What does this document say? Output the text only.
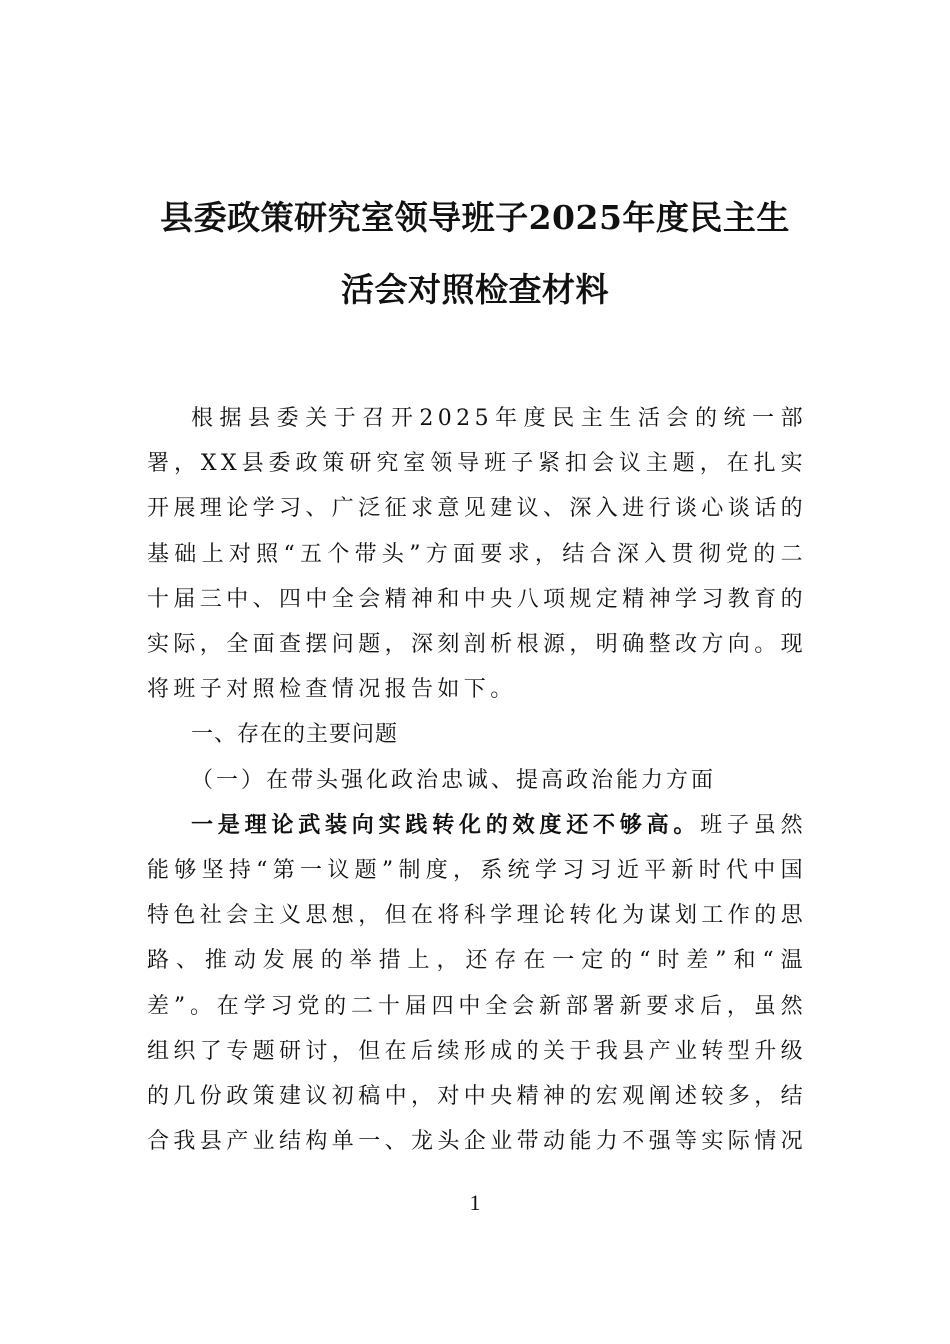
县委政策研究室领导班子2025年度民主生
活会对照检查材料

根据县委关于召开2025年度民主生活会的统一部署，XX县委政策研究室领导班子紧扣会议主题，在扎实开展理论学习、广泛征求意见建议、深入进行谈心谈话的基础上对照“五个带头”方面要求，结合深入贯彻党的二十届三中、四中全会精神和中央八项规定精神学习教育的实际，全面查摆问题，深刻剖析根源，明确整改方向。现将班子对照检查情况报告如下。

一、存在的主要问题

（一）在带头强化政治忠诚、提高政治能力方面

一是理论武装向实践转化的效度还不够高。班子虽然能够坚持“第一议题”制度，系统学习习近平新时代中国特色社会主义思想，但在将科学理论转化为谋划工作的思路、推动发展的举措上，还存在一定的“时差”和“温差”。在学习党的二十届四中全会新部署新要求后，虽然组织了专题研讨，但在后续形成的关于我县产业转型升级的几份政策建议初稿中，对中央精神的宏观阐述较多，结合我县产业结构单一、龙头企业带动能力不强等实际情况

1
